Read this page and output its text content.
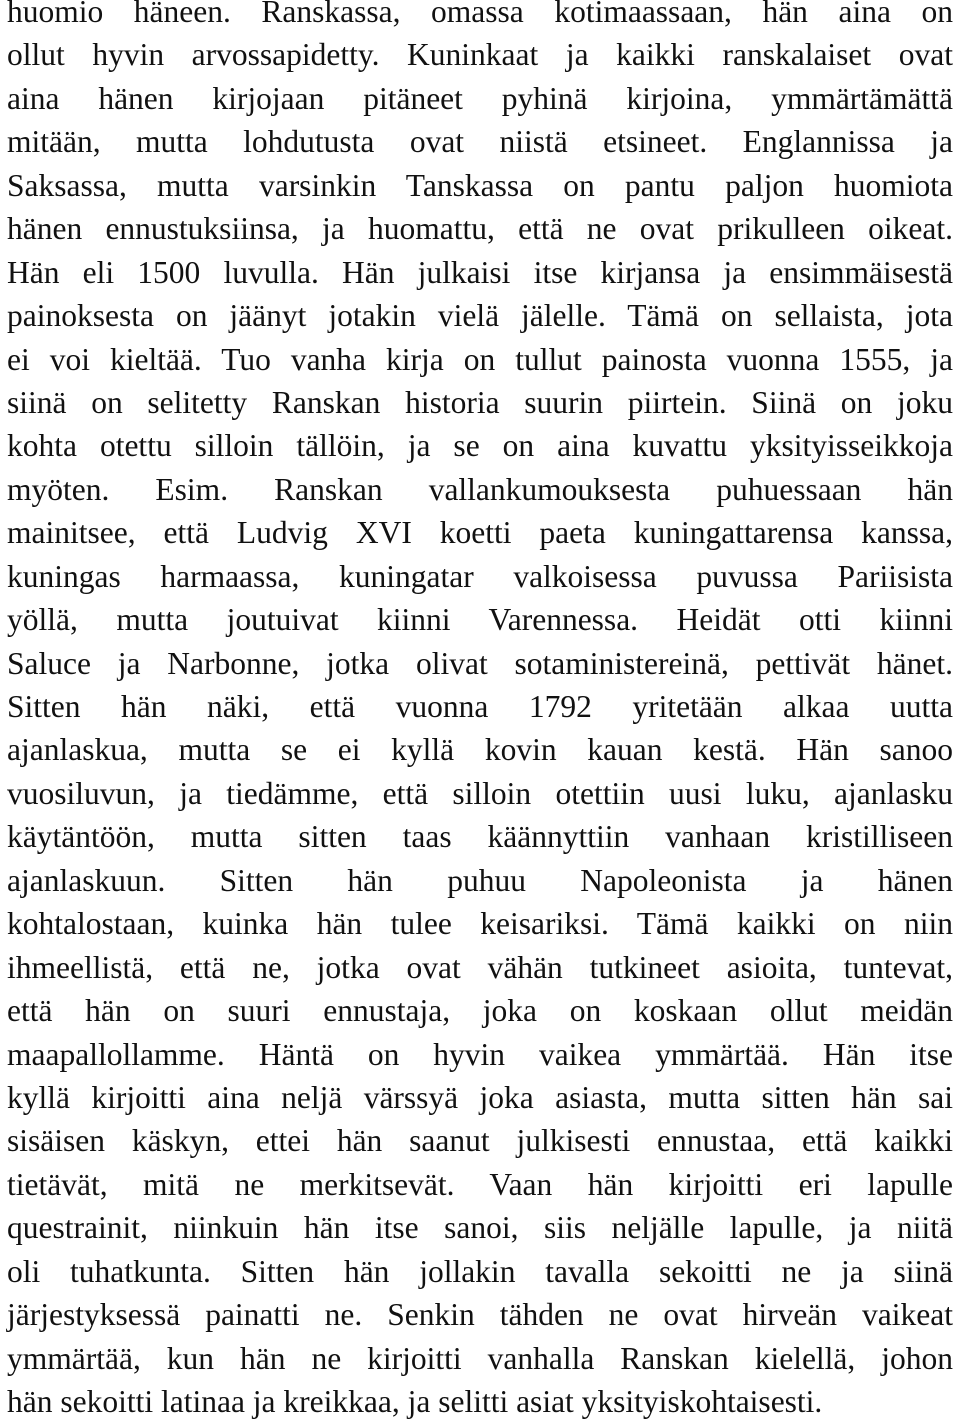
huomio häneen. Ranskassa, omassa kotimaassaan, hän aina on
ollut hyvin arvossapidetty. Kuninkaat ja kaikki ranskalaiset ovat
aina hänen kirjojaan pitäneet pyhinä kirjoina, ymmärtämättä
mitään, mutta lohdutusta ovat niistä etsineet. Englannissa ja
Saksassa, mutta varsinkin Tanskassa on pantu paljon huomiota
hänen ennustuksiinsa, ja huomattu, että ne ovat prikulleen oikeat.
Hän eli 1500 luvulla. Hän julkaisi itse kirjansa ja ensimmäisestä
painoksesta on jäänyt jotakin vielä jälelle. Tämä on sellaista, jota
ei voi kieltää. Tuo vanha kirja on tullut painosta vuonna 1555, ja
siinä on selitetty Ranskan historia suurin piirtein. Siinä on joku
kohta otettu silloin tällöin, ja se on aina kuvattu yksityisseikkoja
myöten. Esim. Ranskan vallankumouksesta puhuessaan hän
mainitsee, että Ludvig XVI koetti paeta kuningattarensa kanssa,
kuningas harmaassa, kuningatar valkoisessa puvussa Pariisista
yöllä, mutta joutuivat kiinni Varennessa. Heidät otti kiinni
Saluce ja Narbonne, jotka olivat sotaministereinä, pettivät hänet.
Sitten hän näki, että vuonna 1792 yritetään alkaa uutta
ajanlaskua, mutta se ei kyllä kovin kauan kestä. Hän sanoo
vuosiluvun, ja tiedämme, että silloin otettiin uusi luku, ajanlasku
käytäntöön, mutta sitten taas käännyttiin vanhaan kristilliseen
ajanlaskuun. Sitten hän puhuu Napoleonista ja hänen
kohtalostaan, kuinka hän tulee keisariksi. Tämä kaikki on niin
ihmeellistä, että ne, jotka ovat vähän tutkineet asioita, tuntevat,
että hän on suuri ennustaja, joka on koskaan ollut meidän
maapallollamme. Häntä on hyvin vaikea ymmärtää. Hän itse
kyllä kirjoitti aina neljä värssyä joka asiasta, mutta sitten hän sai
sisäisen käskyn, ettei hän saanut julkisesti ennustaa, että kaikki
tietävät, mitä ne merkitsevät. Vaan hän kirjoitti eri lapulle
questrainit, niinkuin hän itse sanoi, siis neljälle lapulle, ja niitä
oli tuhatkunta. Sitten hän jollakin tavalla sekoitti ne ja siinä
järjestyksessä painatti ne. Senkin tähden ne ovat hirveän vaikeat
ymmärtää, kun hän ne kirjoitti vanhalla Ranskan kielellä, johon
hän sekoitti latinaa ja kreikkaa, ja selitti asiat yksityiskohtaisesti.
